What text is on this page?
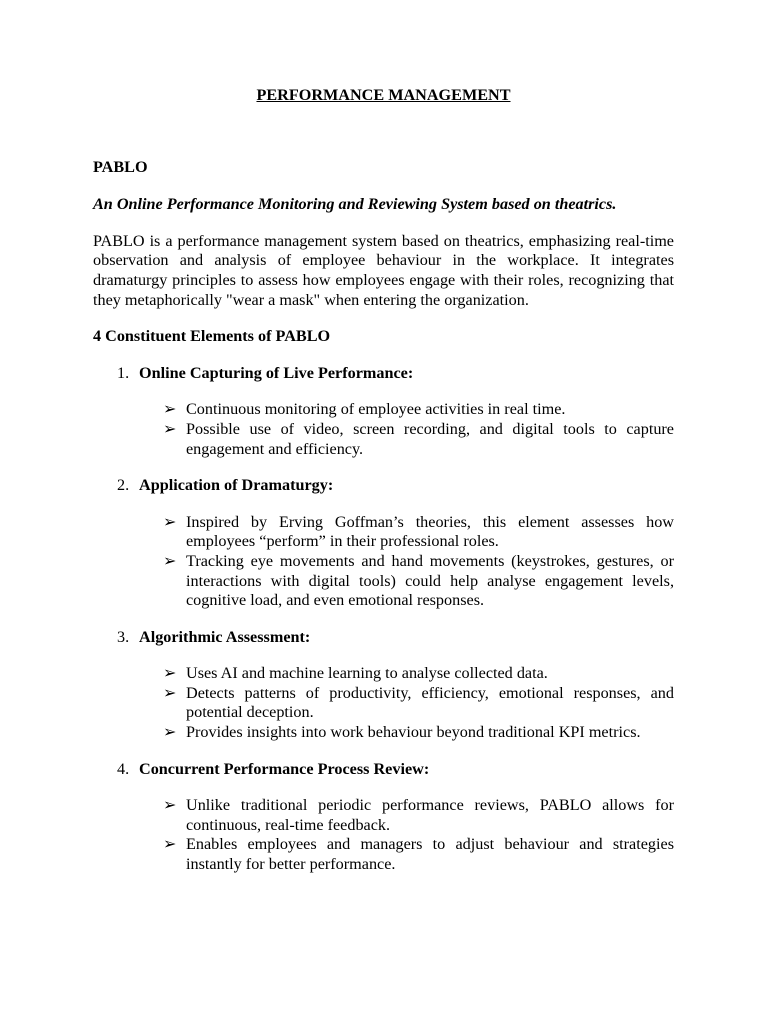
PERFORMANCE MANAGEMENT

PABLO

An Online Performance Monitoring and Reviewing System based on theatrics.

PABLO is a performance management system based on theatrics, emphasizing real-time observation and analysis of employee behaviour in the workplace. It integrates dramaturgy principles to assess how employees engage with their roles, recognizing that they metaphorically "wear a mask" when entering the organization.

4 Constituent Elements of PABLO

1. Online Capturing of Live Performance:
➢ Continuous monitoring of employee activities in real time.
➢ Possible use of video, screen recording, and digital tools to capture engagement and efficiency.
2. Application of Dramaturgy:
➢ Inspired by Erving Goffman’s theories, this element assesses how employees “perform” in their professional roles.
➢ Tracking eye movements and hand movements (keystrokes, gestures, or interactions with digital tools) could help analyse engagement levels, cognitive load, and even emotional responses.
3. Algorithmic Assessment:
➢ Uses AI and machine learning to analyse collected data.
➢ Detects patterns of productivity, efficiency, emotional responses, and potential deception.
➢ Provides insights into work behaviour beyond traditional KPI metrics.
4. Concurrent Performance Process Review:
➢ Unlike traditional periodic performance reviews, PABLO allows for continuous, real-time feedback.
➢ Enables employees and managers to adjust behaviour and strategies instantly for better performance.
